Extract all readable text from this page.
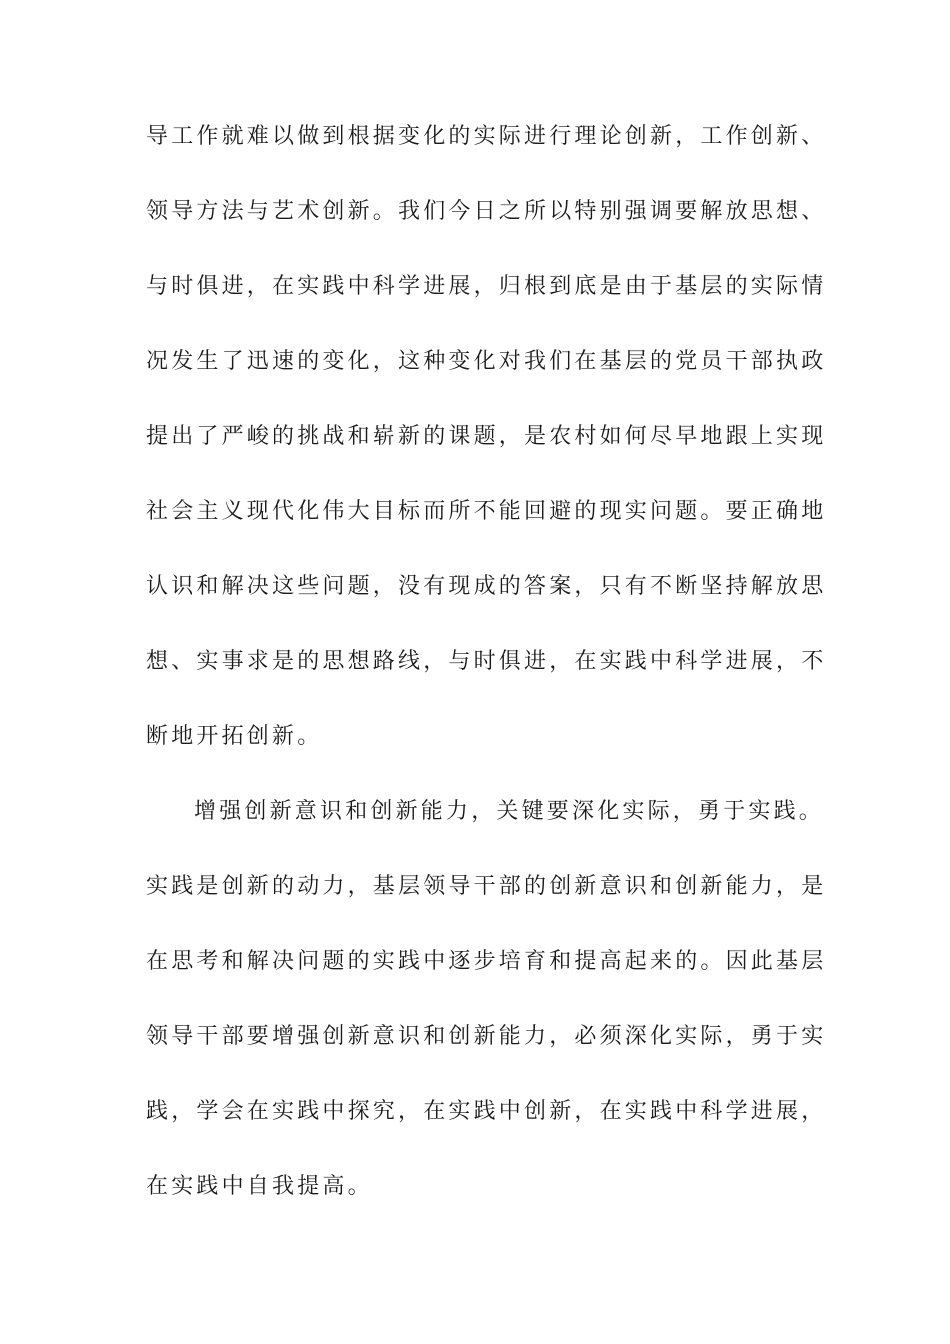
导工作就难以做到根据变化的实际进行理论创新，工作创新、
领导方法与艺术创新。我们今日之所以特别强调要解放思想、
与时俱进，在实践中科学进展，归根到底是由于基层的实际情
况发生了迅速的变化，这种变化对我们在基层的党员干部执政
提出了严峻的挑战和崭新的课题，是农村如何尽早地跟上实现
社会主义现代化伟大目标而所不能回避的现实问题。要正确地
认识和解决这些问题，没有现成的答案，只有不断坚持解放思
想、实事求是的思想路线，与时俱进，在实践中科学进展，不
断地开拓创新。
增强创新意识和创新能力，关键要深化实际，勇于实践。
实践是创新的动力，基层领导干部的创新意识和创新能力，是
在思考和解决问题的实践中逐步培育和提高起来的。因此基层
领导干部要增强创新意识和创新能力，必须深化实际，勇于实
践，学会在实践中探究，在实践中创新，在实践中科学进展，
在实践中自我提高。
